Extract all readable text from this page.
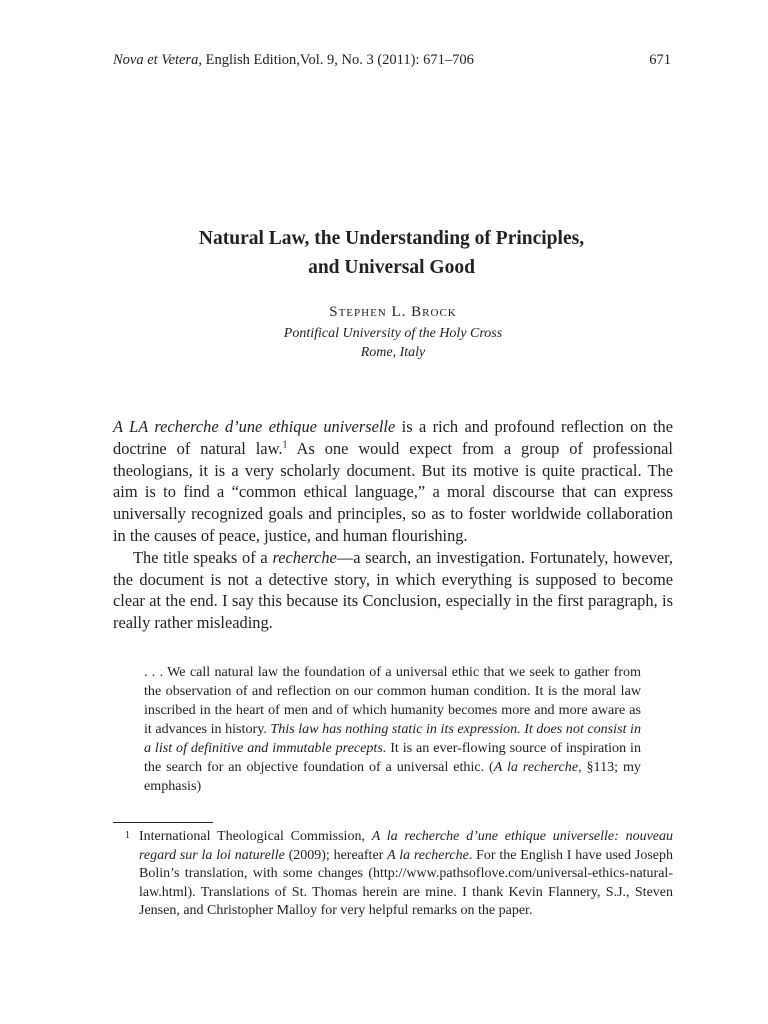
Nova et Vetera, English Edition,Vol. 9, No. 3 (2011): 671–706	671
Natural Law, the Understanding of Principles,
and Universal Good
Stephen L. Brock
Pontifical University of the Holy Cross
Rome, Italy

A LA recherche d’une ethique universelle is a rich and profound reflection on the doctrine of natural law.$^1$ As one would expect from a group of professional theologians, it is a very scholarly document. But its motive is quite practical. The aim is to find a “common ethical language,” a moral discourse that can express universally recognized goals and principles, so as to foster worldwide collaboration in the causes of peace, justice, and human flourishing.

The title speaks of a recherche—a search, an investigation. Fortunately, however, the document is not a detective story, in which everything is supposed to become clear at the end. I say this because its Conclusion, especially in the first paragraph, is really rather misleading.

. . . We call natural law the foundation of a universal ethic that we seek to gather from the observation of and reflection on our common human condition. It is the moral law inscribed in the heart of men and of which humanity becomes more and more aware as it advances in history. This law has nothing static in its expression. It does not consist in a list of definitive and immutable precepts. It is an ever-flowing source of inspiration in the search for an objective foundation of a universal ethic. (A la recherche, §113; my emphasis)
1 International Theological Commission, A la recherche d’une ethique universelle: nouveau regard sur la loi naturelle (2009); hereafter A la recherche. For the English I have used Joseph Bolin’s translation, with some changes (http://www.pathsoflove.com/universal-ethics-natural-law.html). Translations of St. Thomas herein are mine. I thank Kevin Flannery, S.J., Steven Jensen, and Christopher Malloy for very helpful remarks on the paper.
